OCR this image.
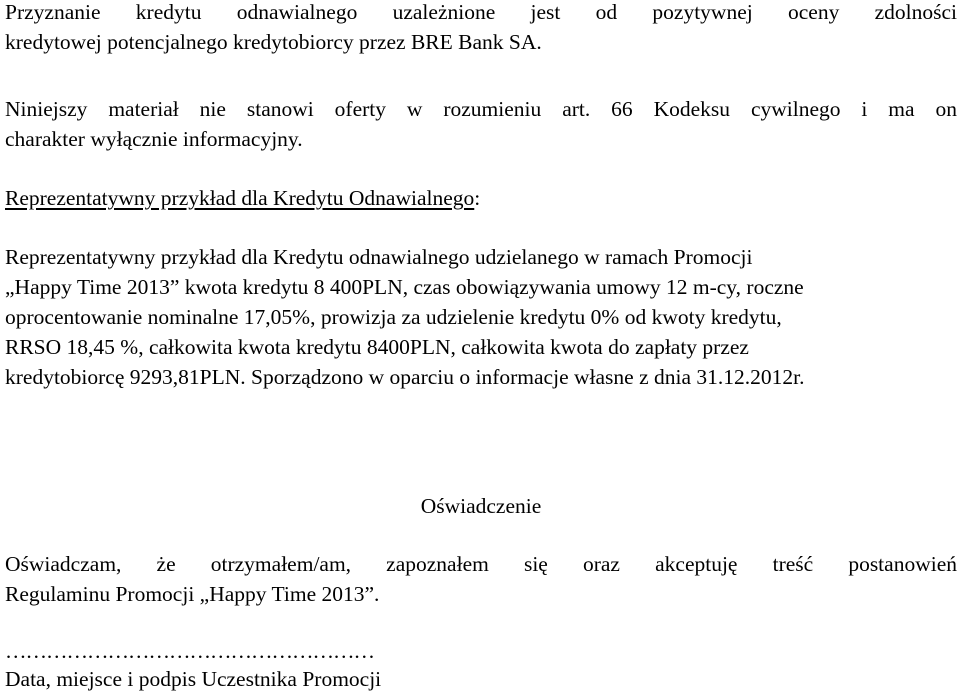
Przyznanie kredytu odnawialnego uzależnione jest od pozytywnej oceny zdolności
kredytowej potencjalnego kredytobiorcy przez BRE Bank SA.
Niniejszy materiał nie stanowi oferty w rozumieniu art. 66 Kodeksu cywilnego i ma on
charakter wyłącznie informacyjny.
Reprezentatywny przykład dla Kredytu Odnawialnego:
Reprezentatywny przykład dla Kredytu odnawialnego udzielanego w ramach Promocji
„Happy Time 2013” kwota kredytu 8 400PLN, czas obowiązywania umowy 12 m-cy, roczne
oprocentowanie nominalne 17,05%, prowizja za udzielenie kredytu 0% od kwoty kredytu,
RRSO 18,45 %, całkowita kwota kredytu 8400PLN, całkowita kwota do zapłaty przez
kredytobiorcę 9293,81PLN. Sporządzono w oparciu o informacje własne z dnia 31.12.2012r.
Oświadczenie
Oświadczam, że otrzymałem/am, zapoznałem się oraz akceptuję treść postanowień
Regulaminu Promocji „Happy Time 2013”.
………………………………………………
Data, miejsce i podpis Uczestnika Promocji
